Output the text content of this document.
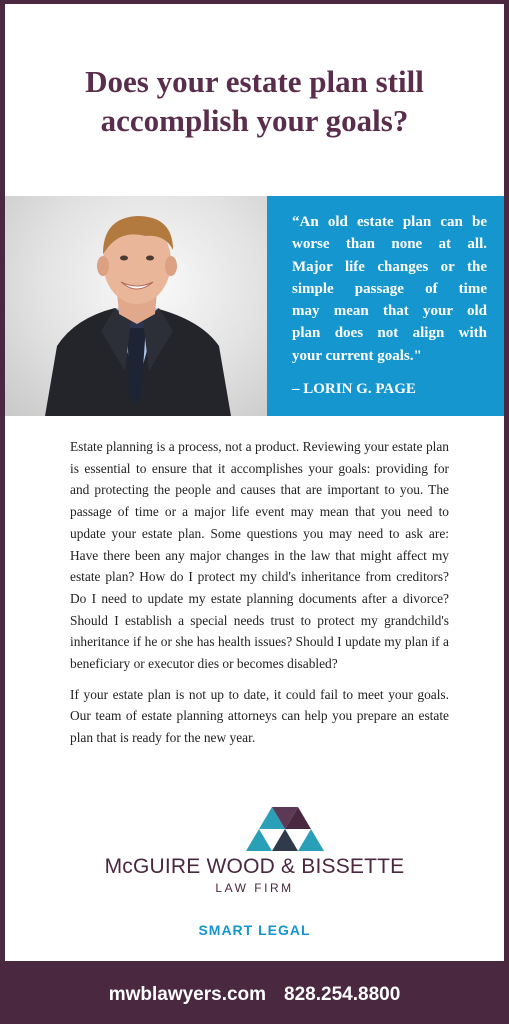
Does your estate plan still
accomplish your goals?
“An old estate plan can be
worse than none at all.
Major life changes or the
simple passage of time
may mean that your old
plan does not align with
your current goals."
– LORIN G. PAGE

Estate planning is a process, not a product. Reviewing your estate plan is essential to ensure that it accomplishes your goals: providing for and protecting the people and causes that are important to you. The passage of time or a major life event may mean that you need to update your estate plan. Some questions you may need to ask are: Have there been any major changes in the law that might affect my estate plan? How do I protect my child's inheritance from creditors? Do I need to update my estate planning documents after a divorce? Should I establish a special needs trust to protect my grandchild's inheritance if he or she has health issues? Should I update my plan if a beneficiary or executor dies or becomes disabled?

If your estate plan is not up to date, it could fail to meet your goals. Our team of estate planning attorneys can help you prepare an estate plan that is ready for the new year.

McGUIRE WOOD & BISSETTE
LAW FIRM
SMART LEGAL
mwblawyers.com 828.254.8800
